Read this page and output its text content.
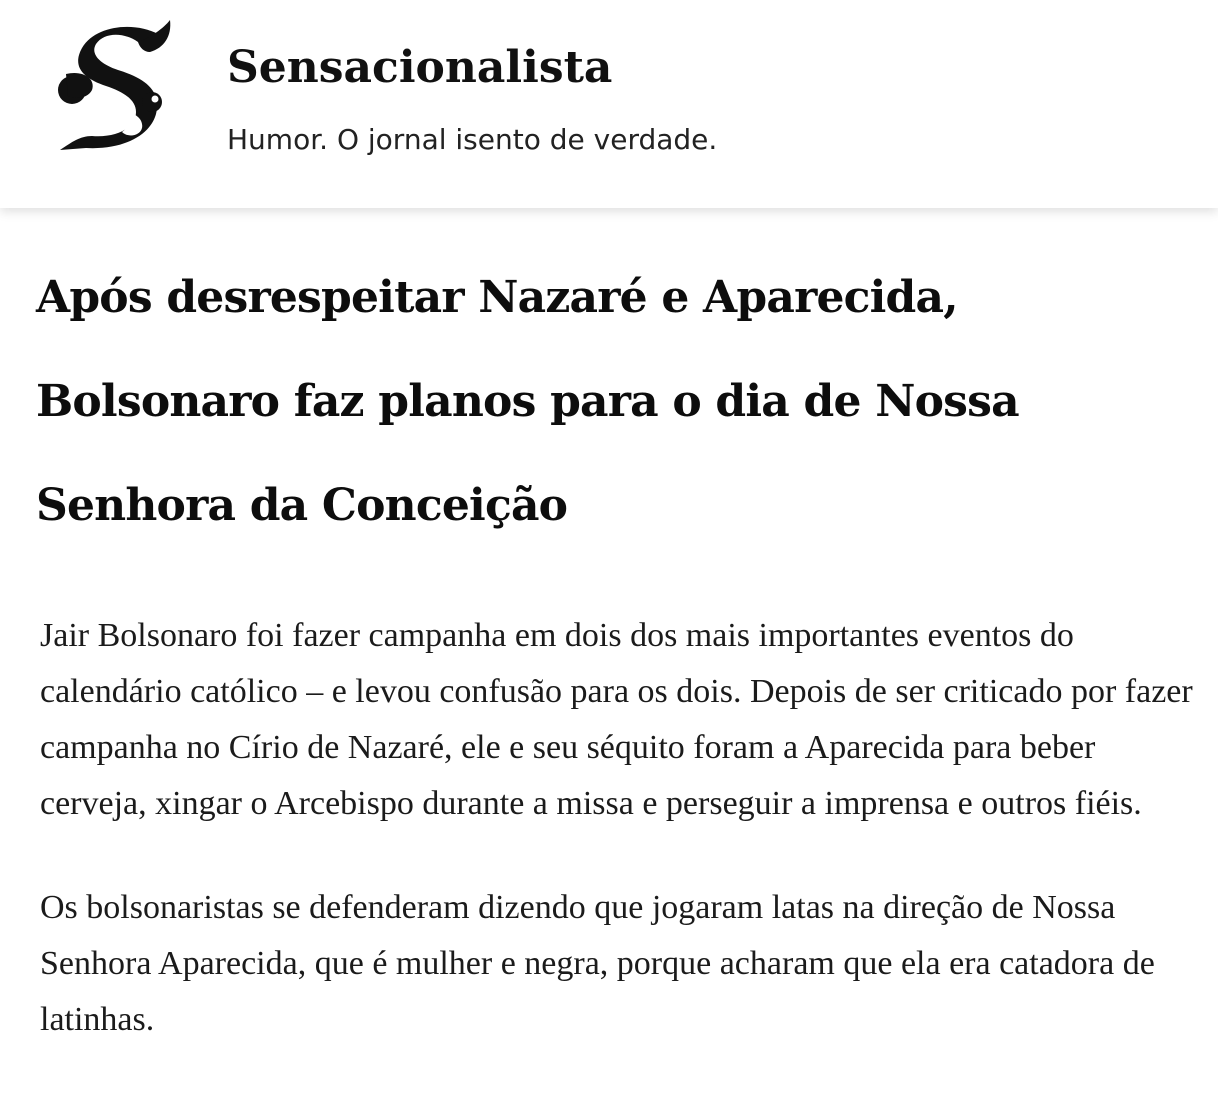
Sensacionalista
Humor. O jornal isento de verdade.
Após desrespeitar Nazaré e Aparecida, Bolsonaro faz planos para o dia de Nossa Senhora da Conceição

Jair Bolsonaro foi fazer campanha em dois dos mais importantes eventos do calendário católico – e levou confusão para os dois. Depois de ser criticado por fazer campanha no Círio de Nazaré, ele e seu séquito foram a Aparecida para beber cerveja, xingar o Arcebispo durante a missa e perseguir a imprensa e outros fiéis.

Os bolsonaristas se defenderam dizendo que jogaram latas na direção de Nossa Senhora Aparecida, que é mulher e negra, porque acharam que ela era catadora de latinhas.
